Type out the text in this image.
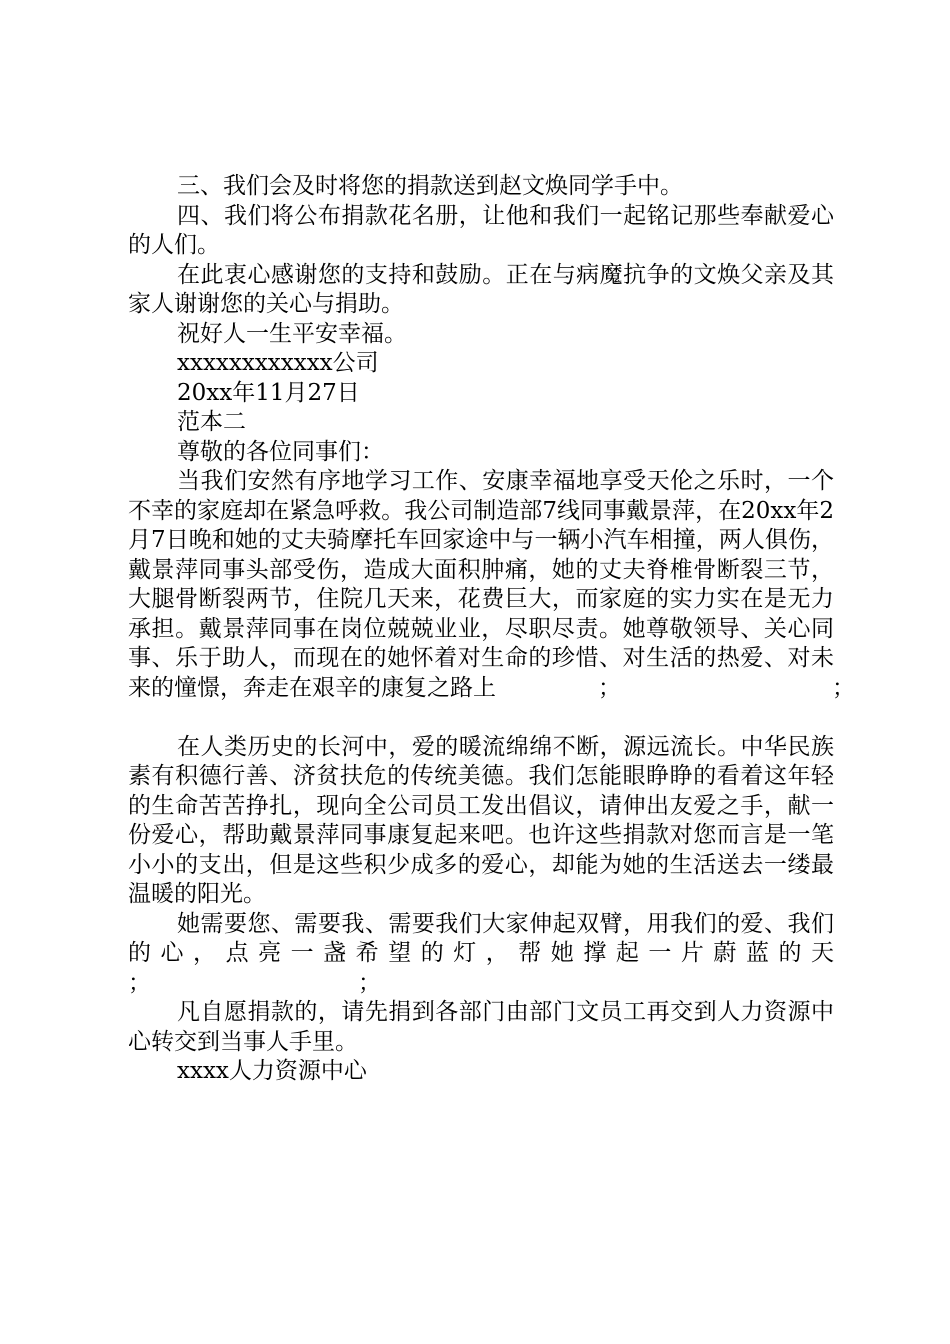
三、我们会及时将您的捐款送到赵文焕同学手中。

四、我们将公布捐款花名册，让他和我们一起铭记那些奉献爱心的人们。

在此衷心感谢您的支持和鼓励。正在与病魔抗争的文焕父亲及其家人谢谢您的关心与捐助。

祝好人一生平安幸福。

xxxxxxxxxxxx公司

20xx年11月27日

范本二

尊敬的各位同事们：

当我们安然有序地学习工作、安康幸福地享受天伦之乐时，一个不幸的家庭却在紧急呼救。我公司制造部7线同事戴景萍，在20xx年2月7日晚和她的丈夫骑摩托车回家途中与一辆小汽车相撞，两人俱伤，戴景萍同事头部受伤，造成大面积肿痛，她的丈夫脊椎骨断裂三节，大腿骨断裂两节，住院几天来，花费巨大，而家庭的实力实在是无力承担。戴景萍同事在岗位兢兢业业，尽职尽责。她尊敬领导、关心同事、乐于助人，而现在的她怀着对生命的珍惜、对生活的热爱、对未来的憧憬，奔走在艰辛的康复之路上	；	；

在人类历史的长河中，爱的暖流绵绵不断，源远流长。中华民族素有积德行善、济贫扶危的传统美德。我们怎能眼睁睁的看着这年轻的生命苦苦挣扎，现向全公司员工发出倡议，请伸出友爱之手，献一份爱心，帮助戴景萍同事康复起来吧。也许这些捐款对您而言是一笔小小的支出，但是这些积少成多的爱心，却能为她的生活送去一缕最温暖的阳光。

她需要您、需要我、需要我们大家伸起双臂，用我们的爱、我们的心，点亮一盏希望的灯，帮她撑起一片蔚蓝的天

；	；

凡自愿捐款的，请先捐到各部门由部门文员工再交到人力资源中心转交到当事人手里。

xxxx人力资源中心
